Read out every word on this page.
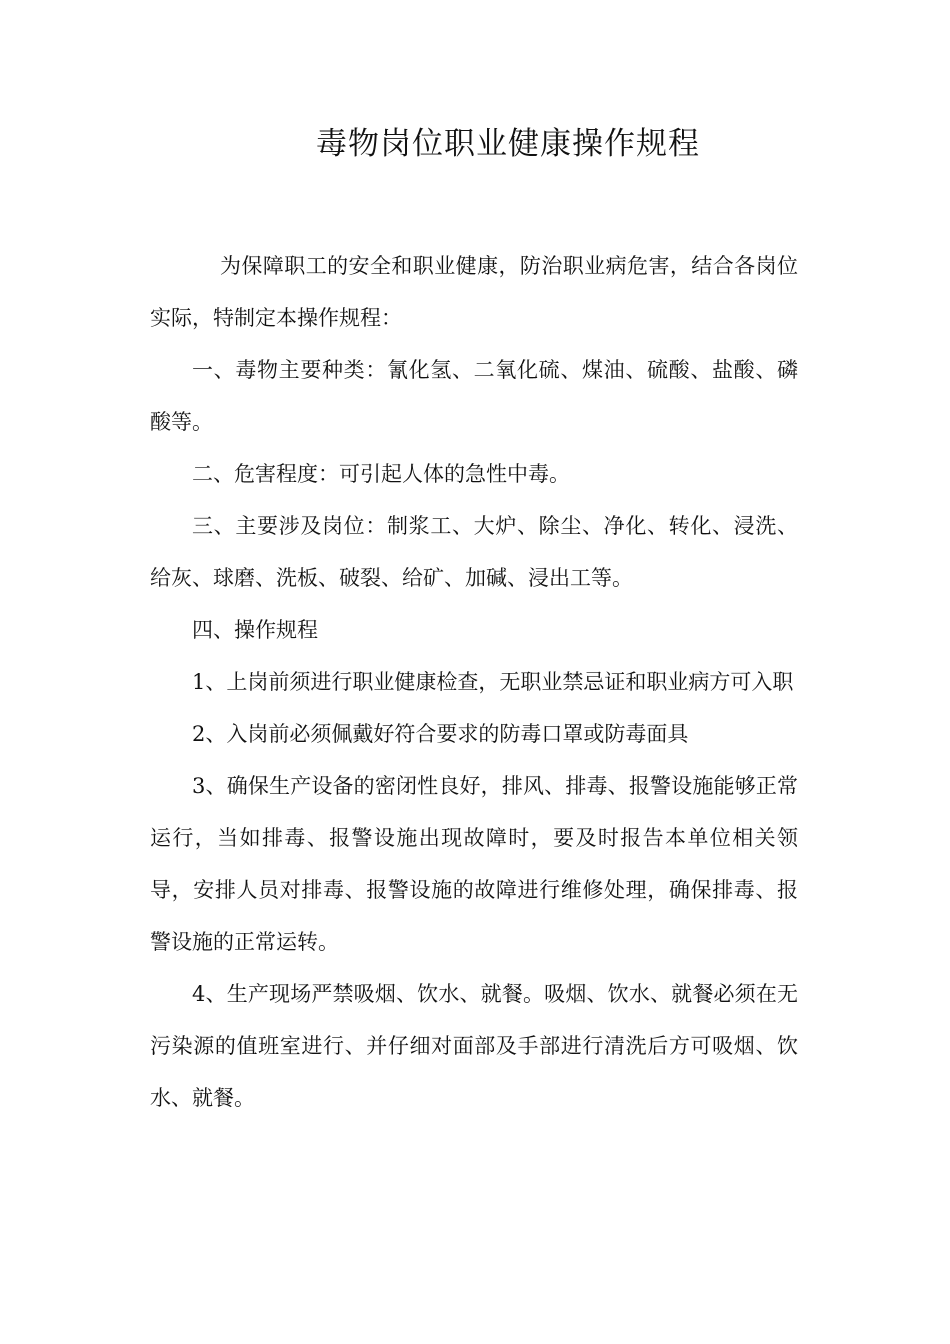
毒物岗位职业健康操作规程

为保障职工的安全和职业健康，防治职业病危害，结合各岗位实际，特制定本操作规程：

一、毒物主要种类：氰化氢、二氧化硫、煤油、硫酸、盐酸、磷酸等。

二、危害程度：可引起人体的急性中毒。

三、主要涉及岗位：制浆工、大炉、除尘、净化、转化、浸洗、给灰、球磨、洗板、破裂、给矿、加碱、浸出工等。

四、操作规程

1、上岗前须进行职业健康检查，无职业禁忌证和职业病方可入职

2、入岗前必须佩戴好符合要求的防毒口罩或防毒面具

3、确保生产设备的密闭性良好，排风、排毒、报警设施能够正常运行，当如排毒、报警设施出现故障时，要及时报告本单位相关领导，安排人员对排毒、报警设施的故障进行维修处理，确保排毒、报警设施的正常运转。

4、生产现场严禁吸烟、饮水、就餐。吸烟、饮水、就餐必须在无污染源的值班室进行、并仔细对面部及手部进行清洗后方可吸烟、饮水、就餐。
